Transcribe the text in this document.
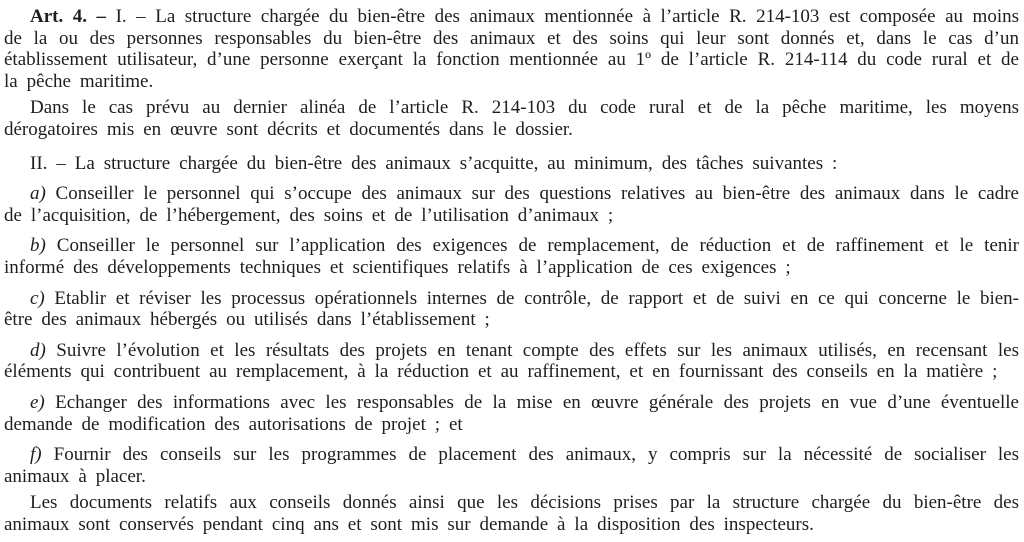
Art. 4. – I. – La structure chargée du bien-être des animaux mentionnée à l’article R. 214-103 est composée au moins de la ou des personnes responsables du bien-être des animaux et des soins qui leur sont donnés et, dans le cas d’un établissement utilisateur, d’une personne exerçant la fonction mentionnée au 1º de l’article R. 214-114 du code rural et de la pêche maritime.

Dans le cas prévu au dernier alinéa de l’article R. 214-103 du code rural et de la pêche maritime, les moyens dérogatoires mis en œuvre sont décrits et documentés dans le dossier.

II. – La structure chargée du bien-être des animaux s’acquitte, au minimum, des tâches suivantes :

a) Conseiller le personnel qui s’occupe des animaux sur des questions relatives au bien-être des animaux dans le cadre de l’acquisition, de l’hébergement, des soins et de l’utilisation d’animaux ;

b) Conseiller le personnel sur l’application des exigences de remplacement, de réduction et de raffinement et le tenir informé des développements techniques et scientifiques relatifs à l’application de ces exigences ;

c) Etablir et réviser les processus opérationnels internes de contrôle, de rapport et de suivi en ce qui concerne le bien-être des animaux hébergés ou utilisés dans l’établissement ;

d) Suivre l’évolution et les résultats des projets en tenant compte des effets sur les animaux utilisés, en recensant les éléments qui contribuent au remplacement, à la réduction et au raffinement, et en fournissant des conseils en la matière ;

e) Echanger des informations avec les responsables de la mise en œuvre générale des projets en vue d’une éventuelle demande de modification des autorisations de projet ; et

f) Fournir des conseils sur les programmes de placement des animaux, y compris sur la nécessité de socialiser les animaux à placer.

Les documents relatifs aux conseils donnés ainsi que les décisions prises par la structure chargée du bien-être des animaux sont conservés pendant cinq ans et sont mis sur demande à la disposition des inspecteurs.
